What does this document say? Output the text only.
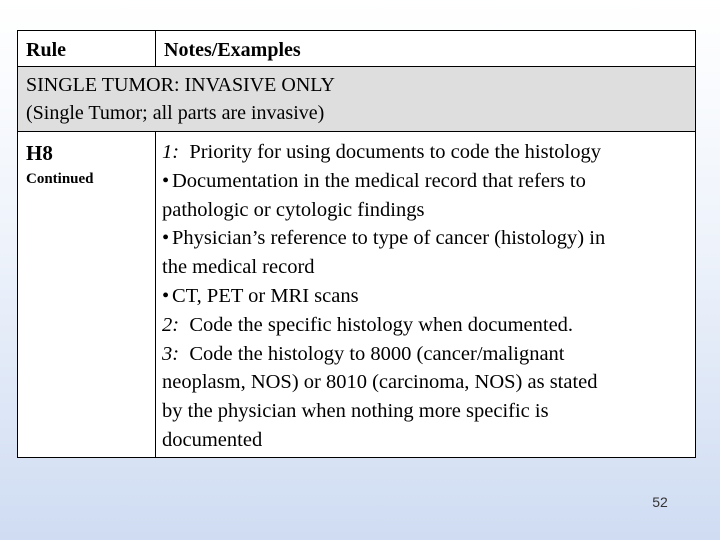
Rule	Notes/Examples
SINGLE TUMOR: INVASIVE ONLY
(Single Tumor; all parts are invasive)
H8
Continued
1: Priority for using documents to code the histology
• Documentation in the medical record that refers to
pathologic or cytologic findings
• Physician’s reference to type of cancer (histology) in
the medical record
• CT, PET or MRI scans
2: Code the specific histology when documented.
3: Code the histology to 8000 (cancer/malignant
neoplasm, NOS) or 8010 (carcinoma, NOS) as stated
by the physician when nothing more specific is
documented
52
